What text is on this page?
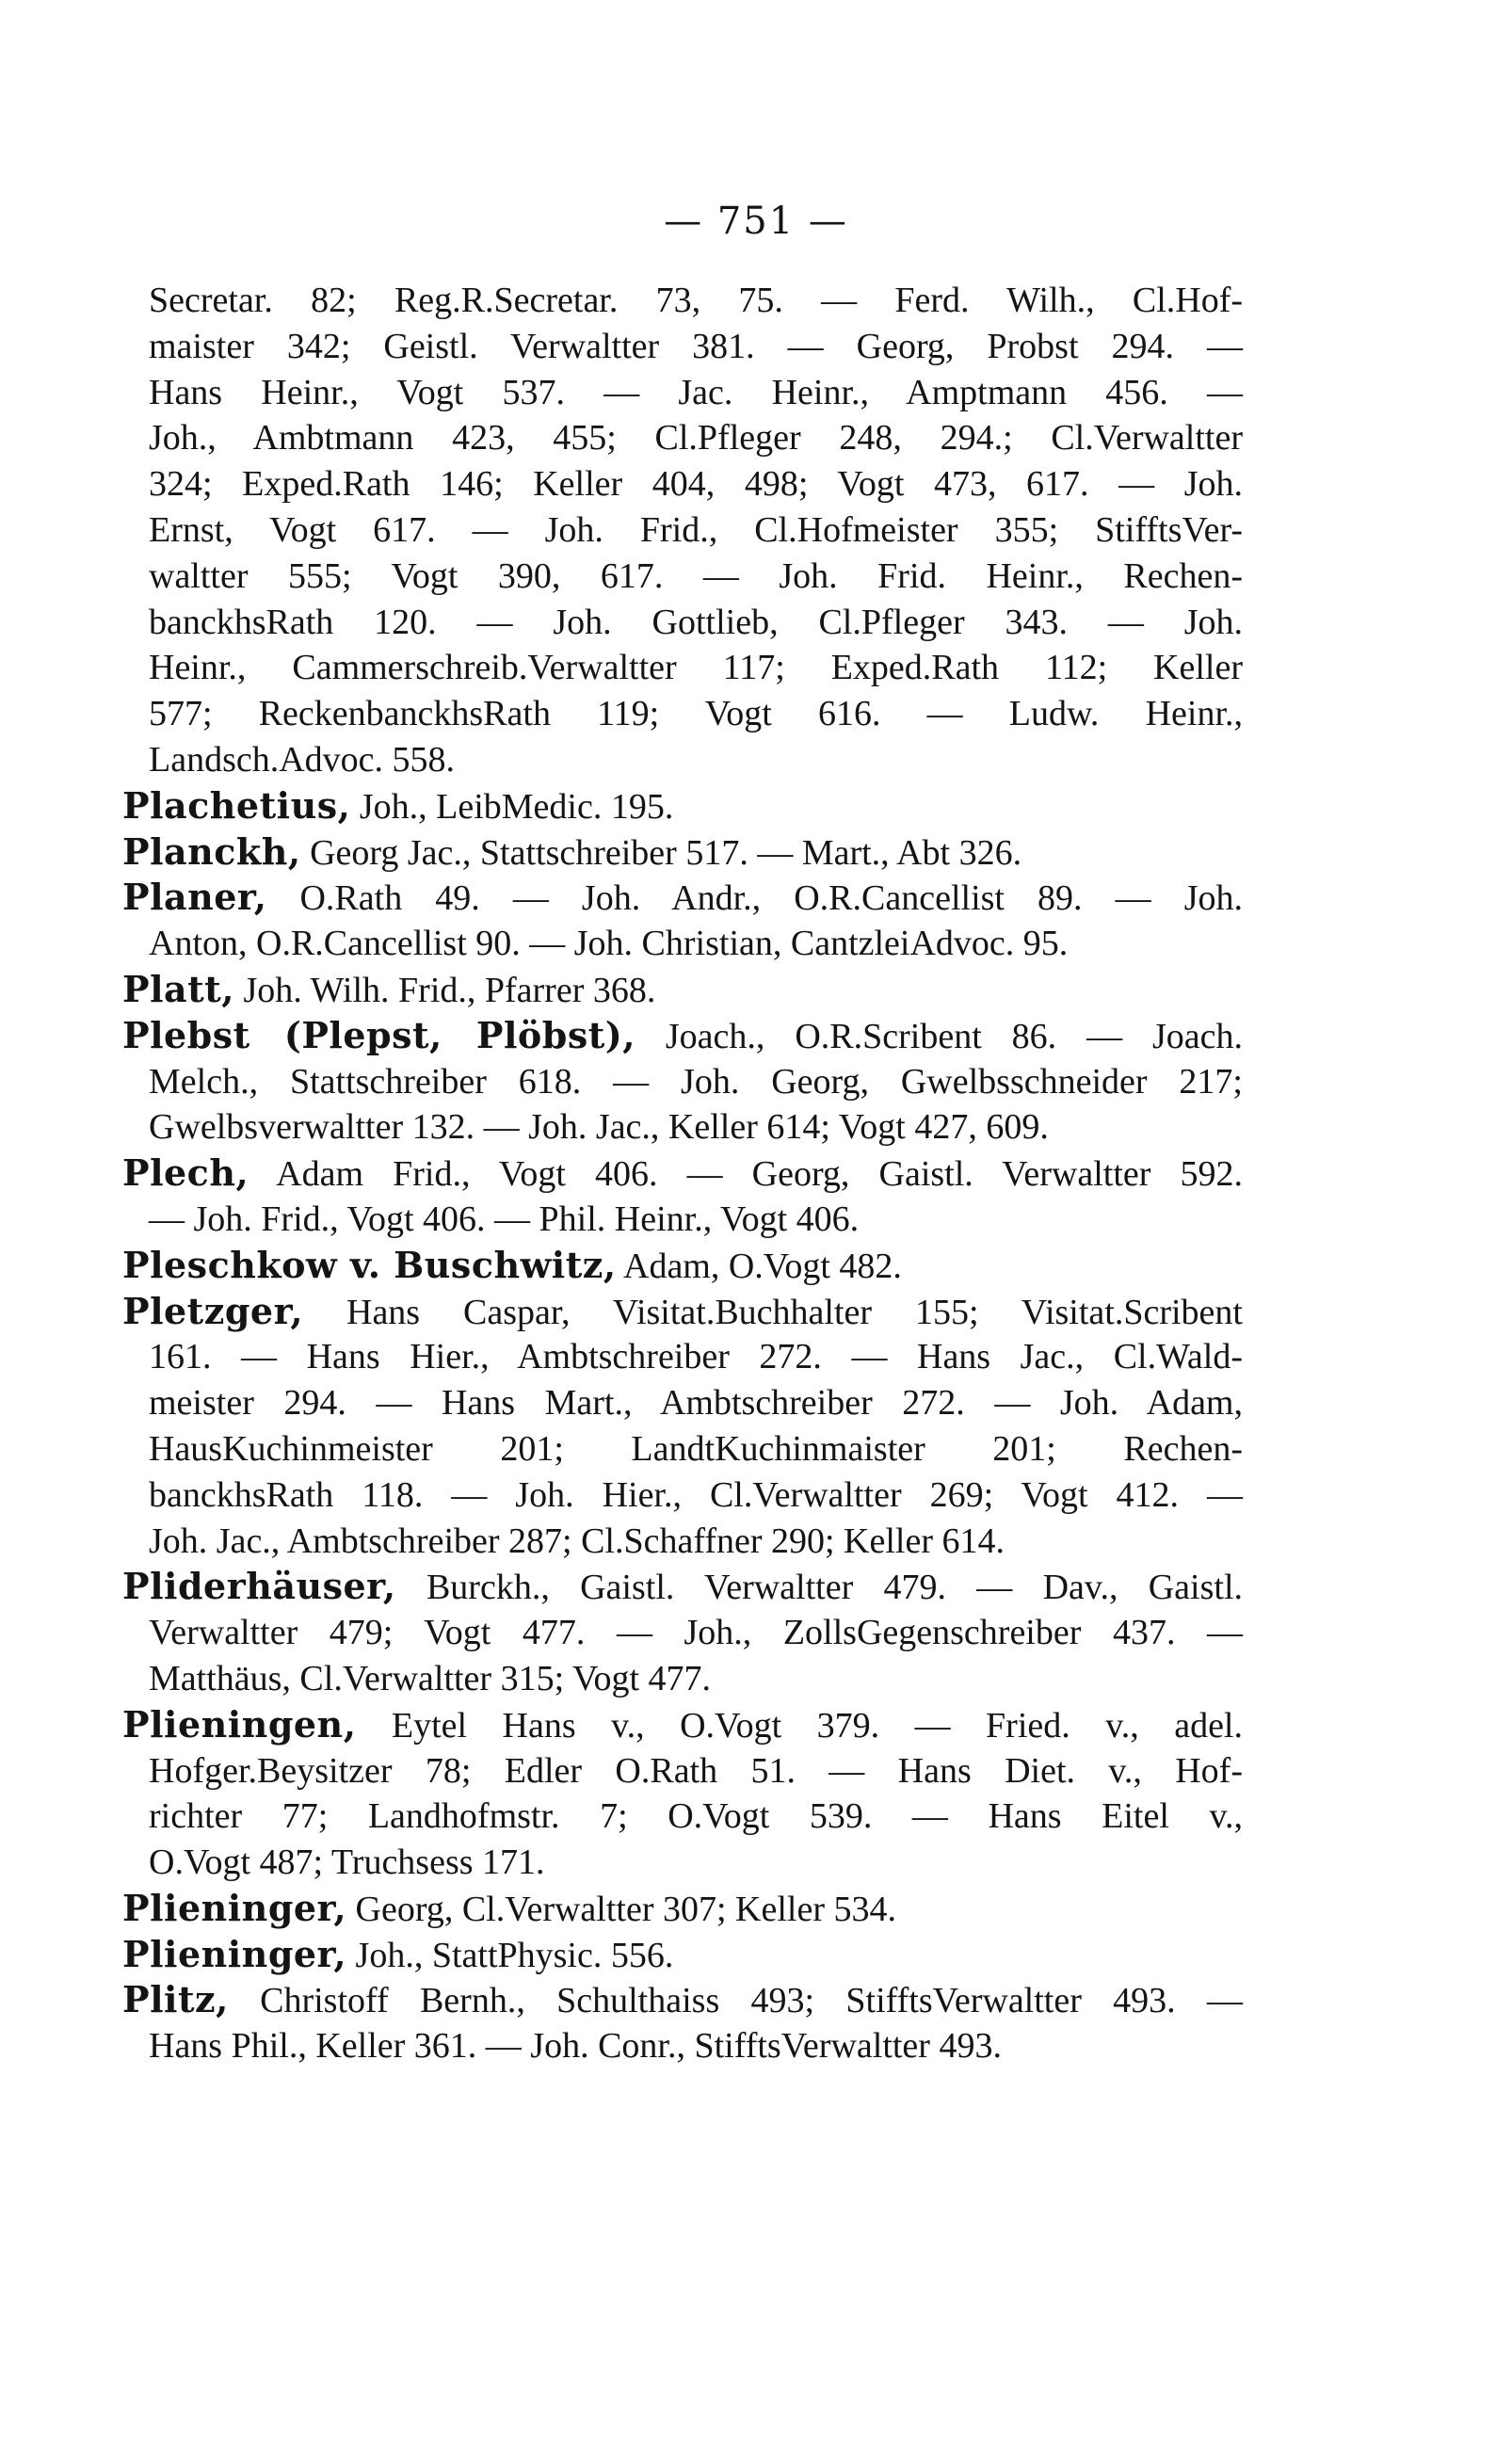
— 751 —
Secretar. 82; Reg.R.Secretar. 73, 75. — Ferd. Wilh., Cl.Hof-
maister 342; Geistl. Verwaltter 381. — Georg, Probst 294. —
Hans Heinr., Vogt 537. — Jac. Heinr., Amptmann 456. —
Joh., Ambtmann 423, 455; Cl.Pfleger 248, 294.; Cl.Verwaltter
324; Exped.Rath 146; Keller 404, 498; Vogt 473, 617. — Joh.
Ernst, Vogt 617. — Joh. Frid., Cl.Hofmeister 355; StifftsVer-
waltter 555; Vogt 390, 617. — Joh. Frid. Heinr., Rechen-
banckhsRath 120. — Joh. Gottlieb, Cl.Pfleger 343. — Joh.
Heinr., Cammerschreib.Verwaltter 117; Exped.Rath 112; Keller
577; ReckenbanckhsRath 119; Vogt 616. — Ludw. Heinr.,
Landsch.Advoc. 558.
Plachetius, Joh., LeibMedic. 195.
Planckh, Georg Jac., Stattschreiber 517. — Mart., Abt 326.
Planer, O.Rath 49. — Joh. Andr., O.R.Cancellist 89. — Joh.
Anton, O.R.Cancellist 90. — Joh. Christian, CantzleiAdvoc. 95.
Platt, Joh. Wilh. Frid., Pfarrer 368.
Plebst (Plepst, Plöbst), Joach., O.R.Scribent 86. — Joach.
Melch., Stattschreiber 618. — Joh. Georg, Gwelbsschneider 217;
Gwelbsverwaltter 132. — Joh. Jac., Keller 614; Vogt 427, 609.
Plech, Adam Frid., Vogt 406. — Georg, Gaistl. Verwaltter 592.
— Joh. Frid., Vogt 406. — Phil. Heinr., Vogt 406.
Pleschkow v. Buschwitz, Adam, O.Vogt 482.
Pletzger, Hans Caspar, Visitat.Buchhalter 155; Visitat.Scribent
161. — Hans Hier., Ambtschreiber 272. — Hans Jac., Cl.Wald-
meister 294. — Hans Mart., Ambtschreiber 272. — Joh. Adam,
HausKuchinmeister 201; LandtKuchinmaister 201; Rechen-
banckhsRath 118. — Joh. Hier., Cl.Verwaltter 269; Vogt 412. —
Joh. Jac., Ambtschreiber 287; Cl.Schaffner 290; Keller 614.
Pliderhäuser, Burckh., Gaistl. Verwaltter 479. — Dav., Gaistl.
Verwaltter 479; Vogt 477. — Joh., ZollsGegenschreiber 437. —
Matthäus, Cl.Verwaltter 315; Vogt 477.
Plieningen, Eytel Hans v., O.Vogt 379. — Fried. v., adel.
Hofger.Beysitzer 78; Edler O.Rath 51. — Hans Diet. v., Hof-
richter 77; Landhofmstr. 7; O.Vogt 539. — Hans Eitel v.,
O.Vogt 487; Truchsess 171.
Plieninger, Georg, Cl.Verwaltter 307; Keller 534.
Plieninger, Joh., StattPhysic. 556.
Plitz, Christoff Bernh., Schulthaiss 493; StifftsVerwaltter 493. —
Hans Phil., Keller 361. — Joh. Conr., StifftsVerwaltter 493.
